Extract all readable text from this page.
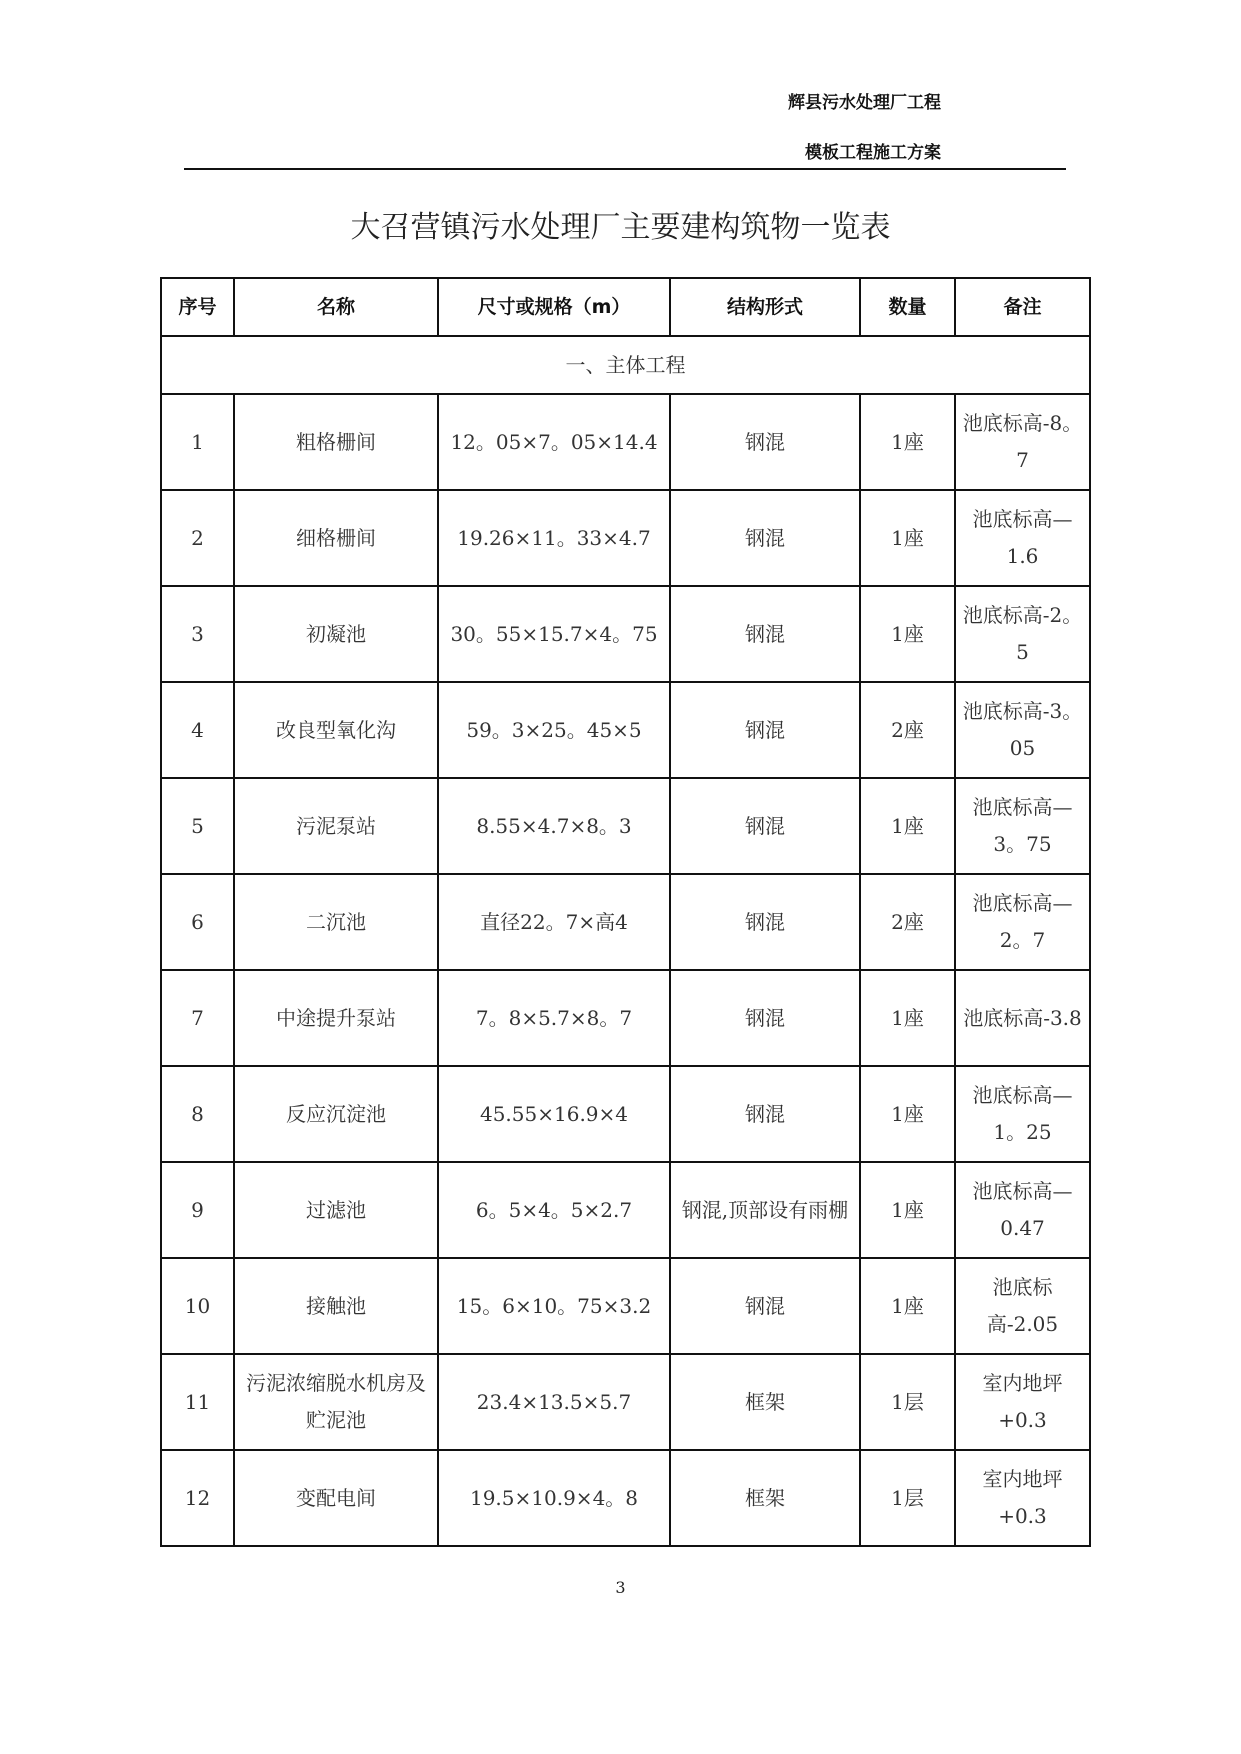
辉县污水处理厂工程
模板工程施工方案
大召营镇污水处理厂主要建构筑物一览表
序号	名称	尺寸或规格（m）	结构形式	数量	备注
一、主体工程					
1	粗格栅间	12。05×7。05×14.4	钢混	1座	池底标高-8。7
2	细格栅间	19.26×11。33×4.7	钢混	1座	池底标高—1.6
3	初凝池	30。55×15.7×4。75	钢混	1座	池底标高-2。5
4	改良型氧化沟	59。3×25。45×5	钢混	2座	池底标高-3。05
5	污泥泵站	8.55×4.7×8。3	钢混	1座	池底标高—3。75
6	二沉池	直径22。7×高4	钢混	2座	池底标高—2。7
7	中途提升泵站	7。8×5.7×8。7	钢混	1座	池底标高-3.8
8	反应沉淀池	45.55×16.9×4	钢混	1座	池底标高—1。25
9	过滤池	6。5×4。5×2.7	钢混,顶部设有雨棚	1座	池底标高—0.47
10	接触池	15。6×10。75×3.2	钢混	1座	池底标高-2.05
11	污泥浓缩脱水机房及贮泥池	23.4×13.5×5.7	框架	1层	室内地坪+0.3
12	变配电间	19.5×10.9×4。8	框架	1层	室内地坪+0.3
3
